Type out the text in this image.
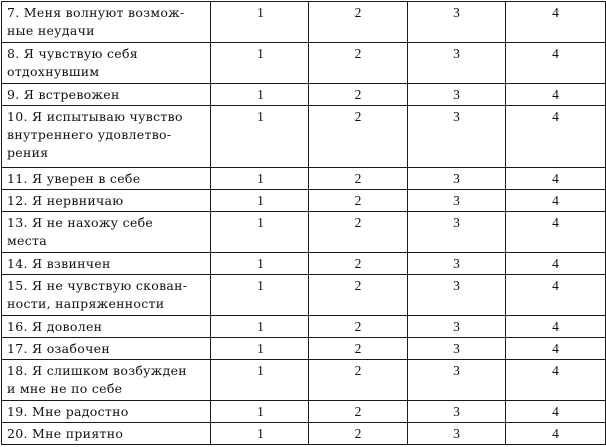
7. Меня волнуют возмож-
ные неудачи	1	2	3	4

8. Я чувствую себя
отдохнувшим	1	2	3	4

9. Я встревожен	1	2	3	4

10. Я испытываю чувство
внутреннего удовлетво-
рения	1	2	3	4

11. Я уверен в себе	1	2	3	4

12. Я нервничаю	1	2	3	4

13. Я не нахожу себе
места	1	2	3	4

14. Я взвинчен	1	2	3	4

15. Я не чувствую скован-
ности, напряженности	1	2	3	4

16. Я доволен	1	2	3	4

17. Я озабочен	1	2	3	4

18. Я слишком возбужден
и мне не по себе	1	2	3	4

19. Мне радостно	1	2	3	4

20. Мне приятно	1	2	3	4
